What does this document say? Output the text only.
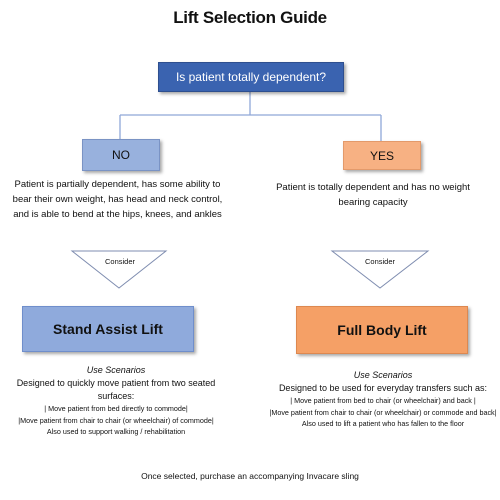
Lift Selection Guide
Is patient totally dependent?
NO	YES
Patient is partially dependent, has some ability to bear their own weight, has head and neck control, and is able to bend at the hips, knees, and ankles
Patient is totally dependent and has no weight bearing capacity
Consider	Consider
Stand Assist Lift	Full Body Lift
Use Scenarios
Designed to quickly move patient from two seated surfaces:
| Move patient from bed directly to commode|
|Move patient from chair to chair (or wheelchair) of commode|
Also used to support walking / rehabilitation
Use Scenarios
Designed to be used for everyday transfers such as:
| Move patient from bed to chair (or wheelchair) and back |
|Move patient from chair to chair (or wheelchair) or commode and back|
Also used to lift a patient who has fallen to the floor
Once selected, purchase an accompanying Invacare sling
